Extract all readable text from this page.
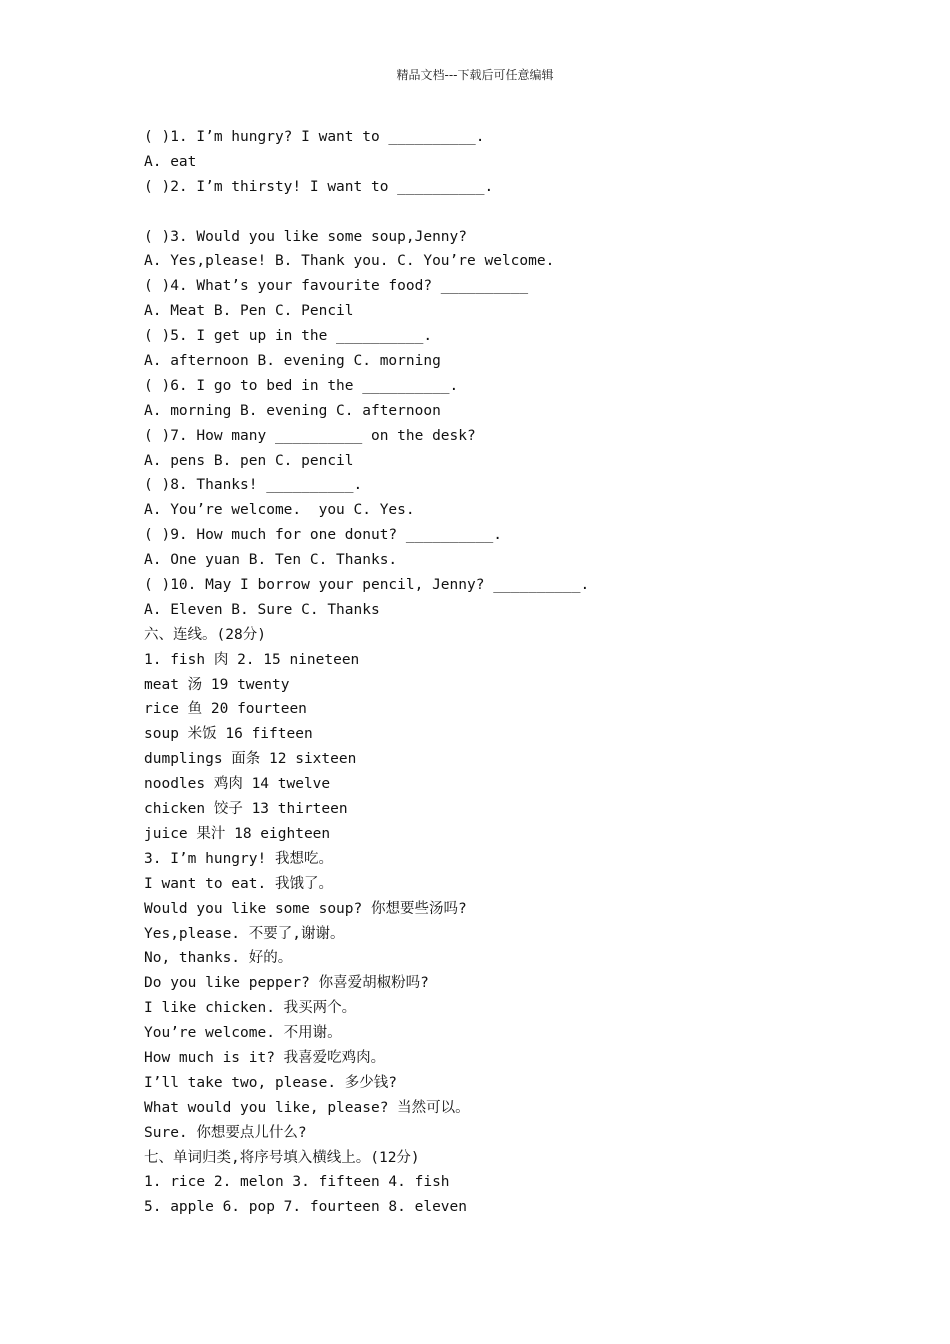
精品文档---下载后可任意编辑
( )1. I’m hungry? I want to __________.
A. eat
( )2. I’m thirsty! I want to __________.
( )3. Would you like some soup,Jenny?
A. Yes,please! B. Thank you. C. You’re welcome.
( )4. What’s your favourite food? __________
A. Meat B. Pen C. Pencil
( )5. I get up in the __________.
A. afternoon B. evening C. morning
( )6. I go to bed in the __________.
A. morning B. evening C. afternoon
( )7. How many __________ on the desk?
A. pens B. pen C. pencil
( )8. Thanks! __________.
A. You’re welcome.  you C. Yes.
( )9. How much for one donut? __________.
A. One yuan B. Ten C. Thanks.
( )10. May I borrow your pencil, Jenny? __________.
A. Eleven B. Sure C. Thanks
六、连线。(28分)
1. fish 肉 2. 15 nineteen
meat 汤 19 twenty
rice 鱼 20 fourteen
soup 米饭 16 fifteen
dumplings 面条 12 sixteen
noodles 鸡肉 14 twelve
chicken 饺子 13 thirteen
juice 果汁 18 eighteen
3. I’m hungry! 我想吃。
I want to eat. 我饿了。
Would you like some soup? 你想要些汤吗?
Yes,please. 不要了,谢谢。
No, thanks. 好的。
Do you like pepper? 你喜爱胡椒粉吗?
I like chicken. 我买两个。
You’re welcome. 不用谢。
How much is it? 我喜爱吃鸡肉。
I’ll take two, please. 多少钱?
What would you like, please? 当然可以。
Sure. 你想要点儿什么?
七、单词归类,将序号填入横线上。(12分)
1. rice 2. melon 3. fifteen 4. fish
5. apple 6. pop 7. fourteen 8. eleven
